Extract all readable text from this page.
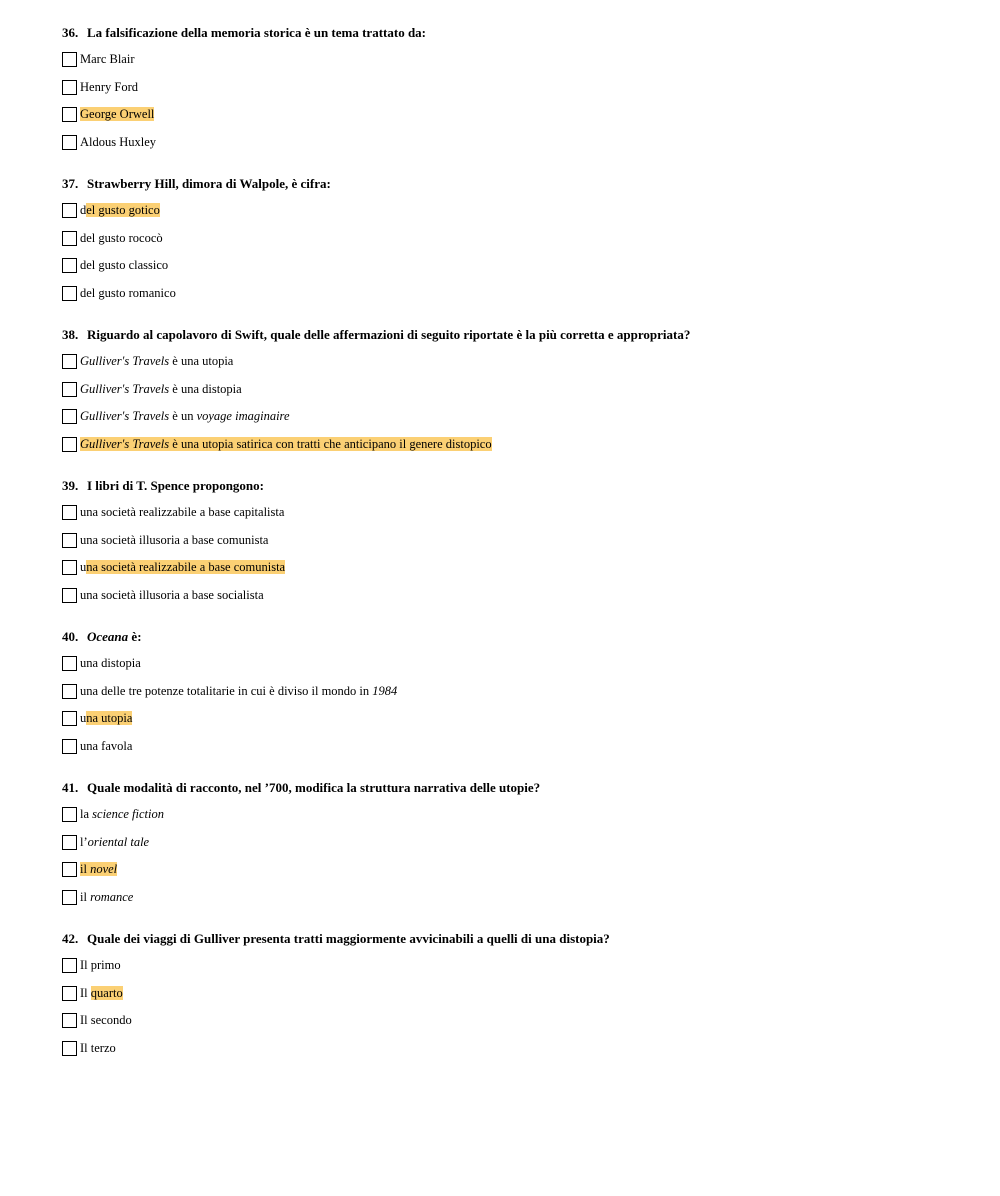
36. La falsificazione della memoria storica è un tema trattato da:
Marc Blair
Henry Ford
George Orwell
Aldous Huxley
37. Strawberry Hill, dimora di Walpole, è cifra:
del gusto gotico
del gusto rococò
del gusto classico
del gusto romanico
38. Riguardo al capolavoro di Swift, quale delle affermazioni di seguito riportate è la più corretta e appropriata?
Gulliver's Travels è una utopia
Gulliver's Travels è una distopia
Gulliver's Travels è un voyage imaginaire
Gulliver's Travels è una utopia satirica con tratti che anticipano il genere distopico
39. I libri di T. Spence propongono:
una società realizzabile a base capitalista
una società illusoria a base comunista
una società realizzabile a base comunista
una società illusoria a base socialista
40. Oceana è:
una distopia
una delle tre potenze totalitarie in cui è diviso il mondo in 1984
una utopia
una favola
41. Quale modalità di racconto, nel ’700, modifica la struttura narrativa delle utopie?
la science fiction
l’oriental tale
il novel
il romance
42. Quale dei viaggi di Gulliver presenta tratti maggiormente avvicinabili a quelli di una distopia?
Il primo
Il quarto
Il secondo
Il terzo
